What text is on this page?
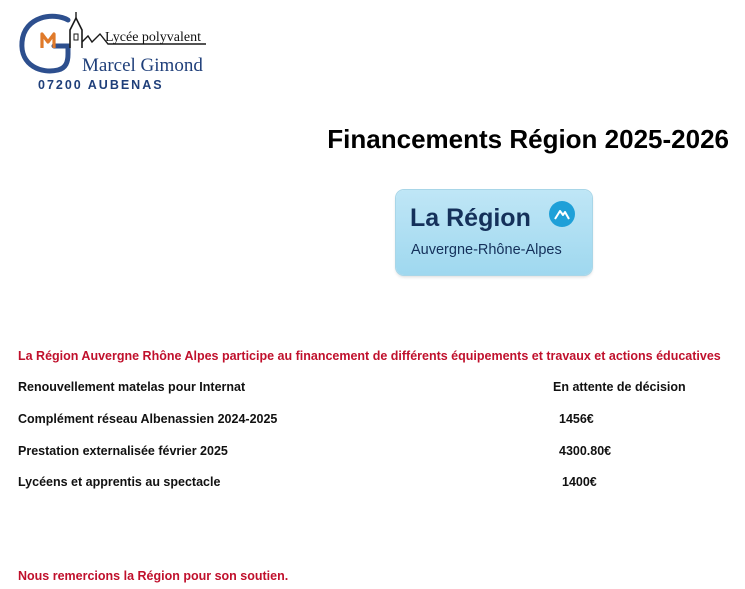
Lycée polyvalent
Marcel Gimond
07200 AUBENAS
Financements Région 2025-2026
La Région
Auvergne-Rhône-Alpes
La Région Auvergne Rhône Alpes participe au financement de différents équipements et travaux et actions éducatives
Renouvellement matelas pour Internat	En attente de décision
Complément réseau Albenassien 2024-2025	1456€
Prestation externalisée février 2025	4300.80€
Lycéens et apprentis au spectacle	1400€
Nous remercions la Région pour son soutien.
